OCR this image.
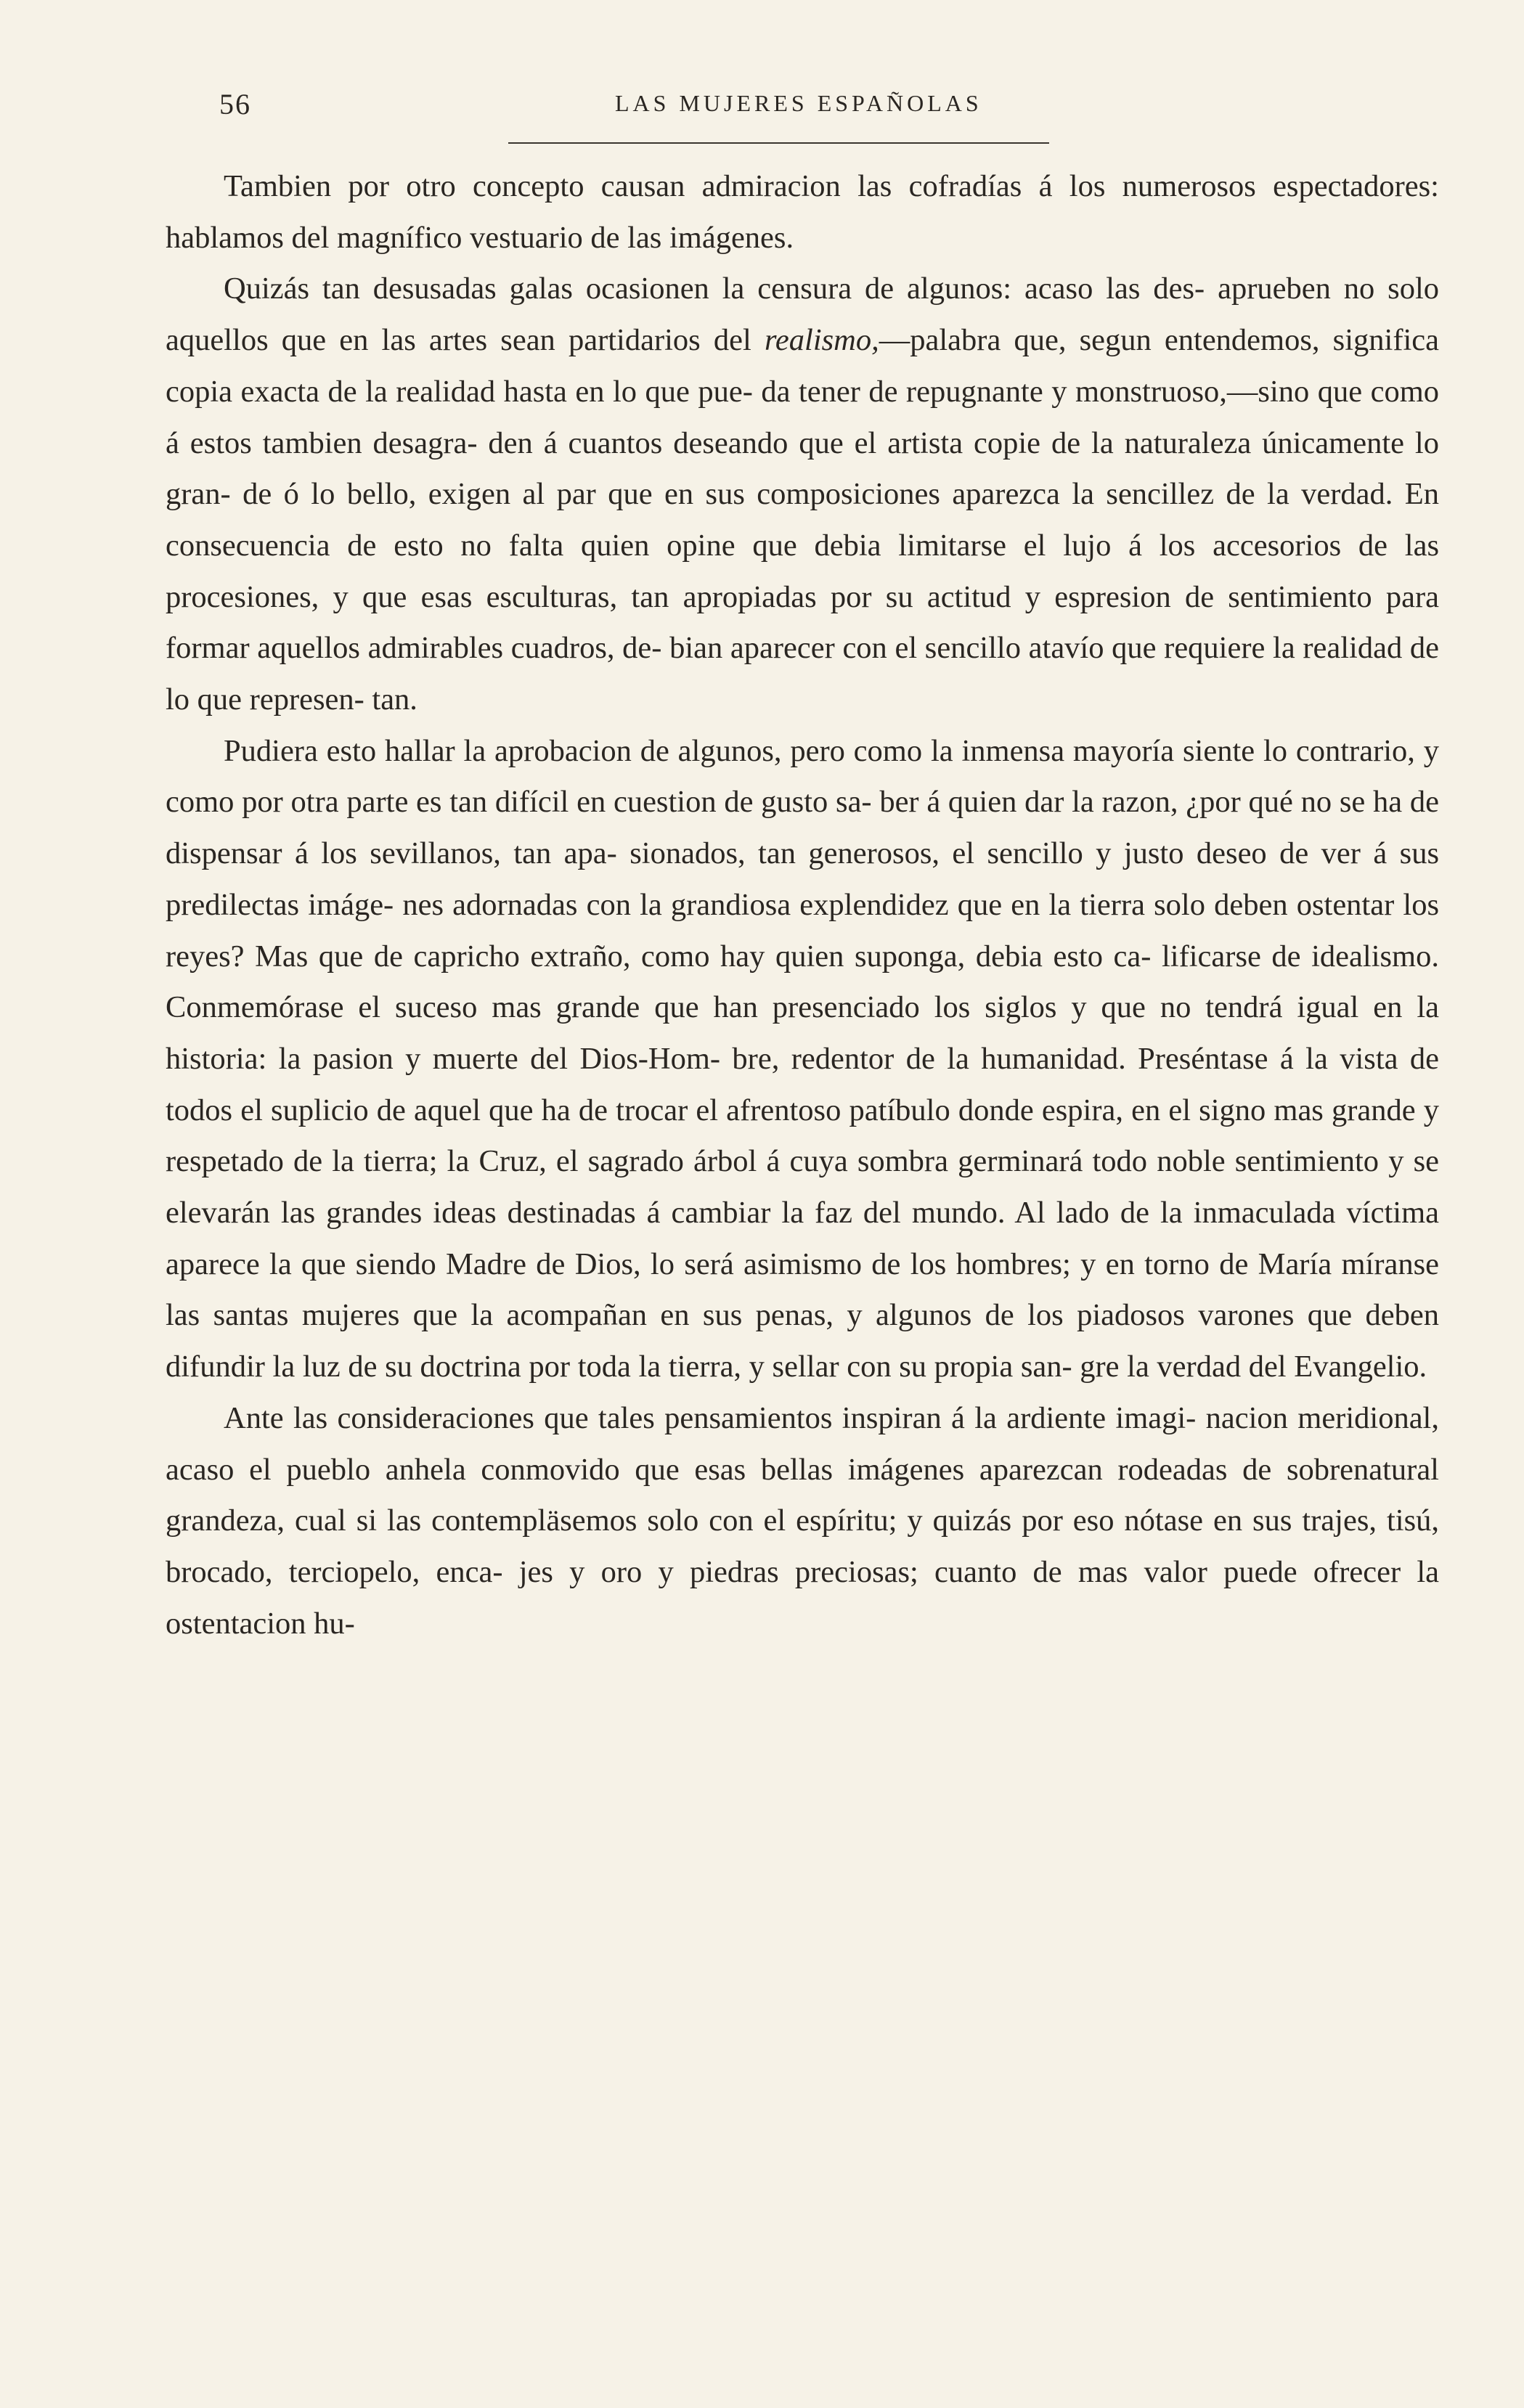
56	LAS MUJERES ESPAÑOLAS

Tambien por otro concepto causan admiracion las cofradías á los numerosos espectadores: hablamos del magnífico vestuario de las imágenes.

Quizás tan desusadas galas ocasionen la censura de algunos: acaso las des- aprueben no solo aquellos que en las artes sean partidarios del realismo,—palabra que, segun entendemos, significa copia exacta de la realidad hasta en lo que pue- da tener de repugnante y monstruoso,—sino que como á estos tambien desagra- den á cuantos deseando que el artista copie de la naturaleza únicamente lo gran- de ó lo bello, exigen al par que en sus composiciones aparezca la sencillez de la verdad. En consecuencia de esto no falta quien opine que debia limitarse el lujo á los accesorios de las procesiones, y que esas esculturas, tan apropiadas por su actitud y espresion de sentimiento para formar aquellos admirables cuadros, de- bian aparecer con el sencillo atavío que requiere la realidad de lo que represen- tan.

Pudiera esto hallar la aprobacion de algunos, pero como la inmensa mayoría siente lo contrario, y como por otra parte es tan difícil en cuestion de gusto sa- ber á quien dar la razon, ¿por qué no se ha de dispensar á los sevillanos, tan apa- sionados, tan generosos, el sencillo y justo deseo de ver á sus predilectas imáge- nes adornadas con la grandiosa explendidez que en la tierra solo deben ostentar los reyes? Mas que de capricho extraño, como hay quien suponga, debia esto ca- lificarse de idealismo. Conmemórase el suceso mas grande que han presenciado los siglos y que no tendrá igual en la historia: la pasion y muerte del Dios-Hom- bre, redentor de la humanidad. Preséntase á la vista de todos el suplicio de aquel que ha de trocar el afrentoso patíbulo donde espira, en el signo mas grande y respetado de la tierra; la Cruz, el sagrado árbol á cuya sombra germinará todo noble sentimiento y se elevarán las grandes ideas destinadas á cambiar la faz del mundo. Al lado de la inmaculada víctima aparece la que siendo Madre de Dios, lo será asimismo de los hombres; y en torno de María míranse las santas mujeres que la acompañan en sus penas, y algunos de los piadosos varones que deben difundir la luz de su doctrina por toda la tierra, y sellar con su propia san- gre la verdad del Evangelio.

Ante las consideraciones que tales pensamientos inspiran á la ardiente imagi- nacion meridional, acaso el pueblo anhela conmovido que esas bellas imágenes aparezcan rodeadas de sobrenatural grandeza, cual si las contempläsemos solo con el espíritu; y quizás por eso nótase en sus trajes, tisú, brocado, terciopelo, enca- jes y oro y piedras preciosas; cuanto de mas valor puede ofrecer la ostentacion hu-
